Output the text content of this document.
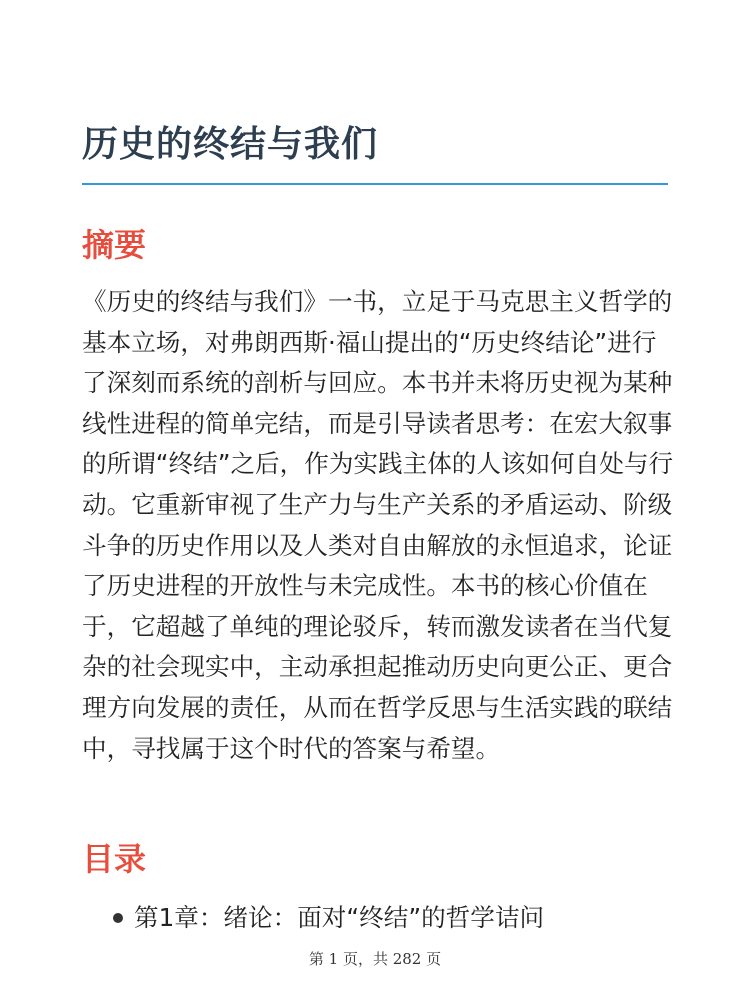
历史的终结与我们
摘要

《历史的终结与我们》一书，立足于马克思主义哲学的基本立场，对弗朗西斯·福山提出的“历史终结论”进行了深刻而系统的剖析与回应。本书并未将历史视为某种线性进程的简单完结，而是引导读者思考：在宏大叙事的所谓“终结”之后，作为实践主体的人该如何自处与行动。它重新审视了生产力与生产关系的矛盾运动、阶级斗争的历史作用以及人类对自由解放的永恒追求，论证了历史进程的开放性与未完成性。本书的核心价值在于，它超越了单纯的理论驳斥，转而激发读者在当代复杂的社会现实中，主动承担起推动历史向更公正、更合理方向发展的责任，从而在哲学反思与生活实践的联结中，寻找属于这个时代的答案与希望。

目录
第1章：绪论：面对“终结”的哲学诘问
第 1 页，共 282 页
